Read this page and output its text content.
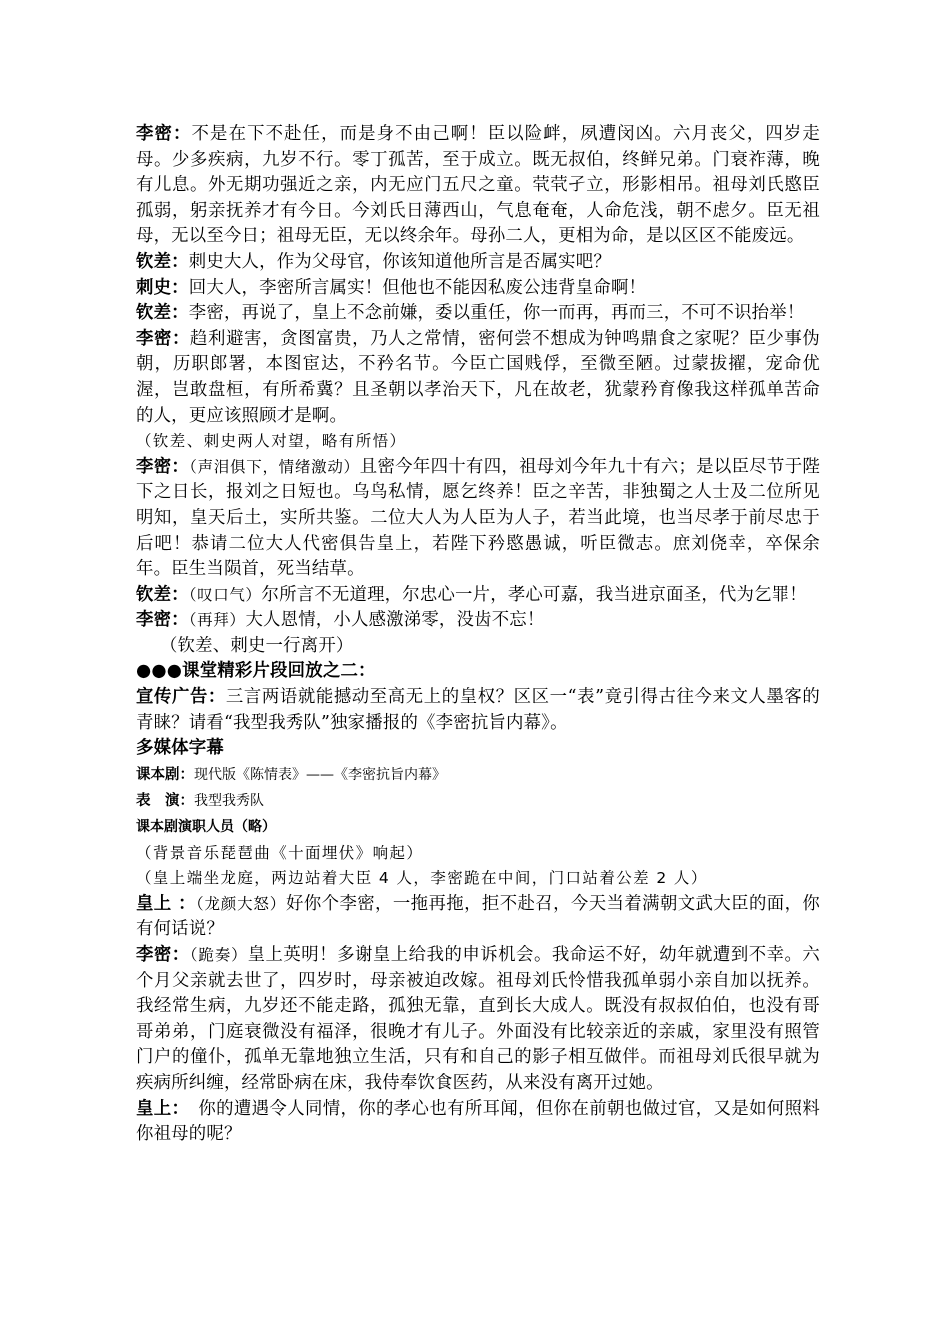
李密：不是在下不赴任，而是身不由己啊！臣以险衅，夙遭闵凶。六月丧父，四岁走母。少多疾病，九岁不行。零丁孤苦，至于成立。既无叔伯，终鲜兄弟。门衰祚薄，晚有儿息。外无期功强近之亲，内无应门五尺之童。茕茕孑立，形影相吊。祖母刘氏愍臣孤弱，躬亲抚养才有今日。今刘氏日薄西山，气息奄奄，人命危浅，朝不虑夕。臣无祖母，无以至今日；祖母无臣，无以终余年。母孙二人，更相为命，是以区区不能废远。

钦差：刺史大人，作为父母官，你该知道他所言是否属实吧？

刺史：回大人，李密所言属实！但他也不能因私废公违背皇命啊！

钦差：李密，再说了，皇上不念前嫌，委以重任，你一而再，再而三，不可不识抬举！

李密：趋利避害，贪图富贵，乃人之常情，密何尝不想成为钟鸣鼎食之家呢？臣少事伪朝，历职郎署，本图宦达，不矜名节。今臣亡国贱俘，至微至陋。过蒙拔擢，宠命优渥，岂敢盘桓，有所希冀？且圣朝以孝治天下，凡在故老，犹蒙矜育像我这样孤单苦命的人，更应该照顾才是啊。

（钦差、刺史两人对望，略有所悟）

李密：（声泪俱下，情绪激动）且密今年四十有四，祖母刘今年九十有六；是以臣尽节于陛下之日长，报刘之日短也。乌鸟私情，愿乞终养！臣之辛苦，非独蜀之人士及二位所见明知，皇天后土，实所共鉴。二位大人为人臣为人子，若当此境，也当尽孝于前尽忠于后吧！恭请二位大人代密俱告皇上，若陛下矜愍愚诚，听臣微志。庶刘侥幸，卒保余年。臣生当陨首，死当结草。

钦差：（叹口气）尔所言不无道理，尔忠心一片，孝心可嘉，我当进京面圣，代为乞罪！

李密：（再拜）大人恩情，小人感激涕零，没齿不忘！

（钦差、刺史一行离开）

●●●课堂精彩片段回放之二：

宣传广告：三言两语就能撼动至高无上的皇权？区区一“表”竟引得古往今来文人墨客的青睐？请看“我型我秀队”独家播报的《李密抗旨内幕》。

多媒体字幕

课本剧：现代版《陈情表》——《李密抗旨内幕》

表　演：我型我秀队

课本剧演职人员（略）

（背景音乐琵琶曲《十面埋伏》响起）

（皇上端坐龙庭，两边站着大臣 4 人，李密跪在中间，门口站着公差 2 人）

皇上 ：（龙颜大怒）好你个李密，一拖再拖，拒不赴召，今天当着满朝文武大臣的面，你有何话说？

李密：（跪奏）皇上英明！多谢皇上给我的申诉机会。我命运不好，幼年就遭到不幸。六个月父亲就去世了，四岁时，母亲被迫改嫁。祖母刘氏怜惜我孤单弱小亲自加以抚养。我经常生病，九岁还不能走路，孤独无靠，直到长大成人。既没有叔叔伯伯，也没有哥哥弟弟，门庭衰微没有福泽，很晚才有儿子。外面没有比较亲近的亲戚，家里没有照管门户的僮仆，孤单无靠地独立生活，只有和自己的影子相互做伴。而祖母刘氏很早就为疾病所纠缠，经常卧病在床，我侍奉饮食医药，从来没有离开过她。

皇上：　你的遭遇令人同情，你的孝心也有所耳闻，但你在前朝也做过官，又是如何照料你祖母的呢？
